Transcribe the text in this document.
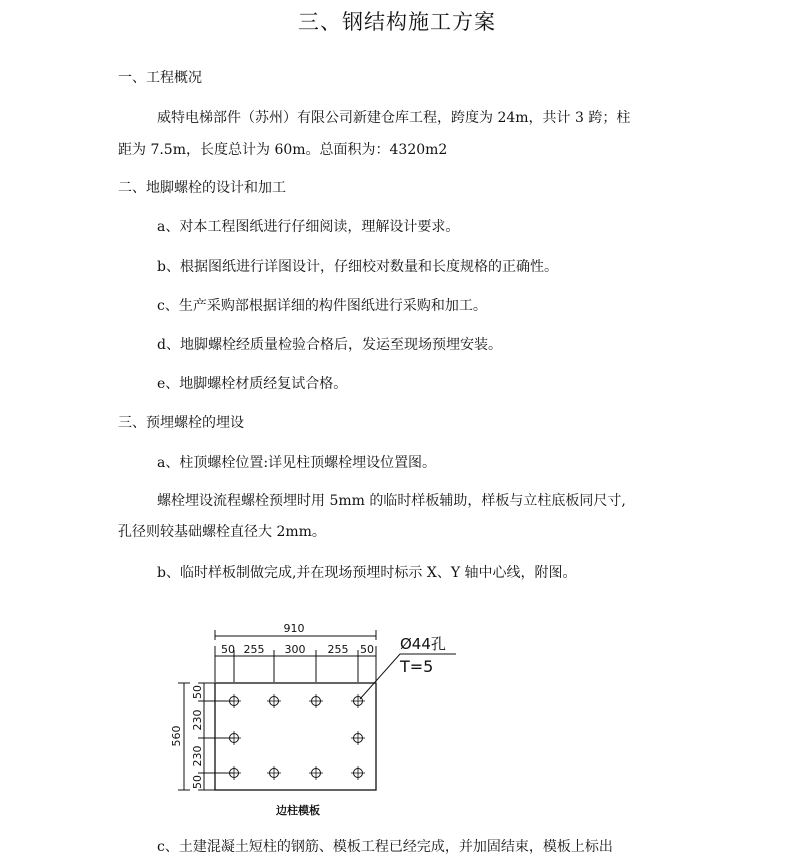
三、钢结构施工方案
一、工程概况
威特电梯部件（苏州）有限公司新建仓库工程，跨度为 24m，共计 3 跨；柱
距为 7.5m，长度总计为 60m。总面积为：4320m2
二、地脚螺栓的设计和加工
a、对本工程图纸进行仔细阅读，理解设计要求。
b、根据图纸进行详图设计，仔细校对数量和长度规格的正确性。
c、生产采购部根据详细的构件图纸进行采购和加工。
d、地脚螺栓经质量检验合格后，发运至现场预埋安装。
e、地脚螺栓材质经复试合格。
三、预埋螺栓的埋设
a、柱顶螺栓位置:详见柱顶螺栓埋设位置图。
螺栓埋设流程螺栓预埋时用 5mm 的临时样板辅助，样板与立柱底板同尺寸,
孔径则较基础螺栓直径大 2mm。
b、临时样板制做完成,并在现场预埋时标示 X、Y 轴中心线，附图。
910
50 255 300 255 50 Ø44孔
T=5
560
50
230
230
50
边柱模板
c、土建混凝土短柱的钢筋、模板工程已经完成，并加固结束，模板上标出
